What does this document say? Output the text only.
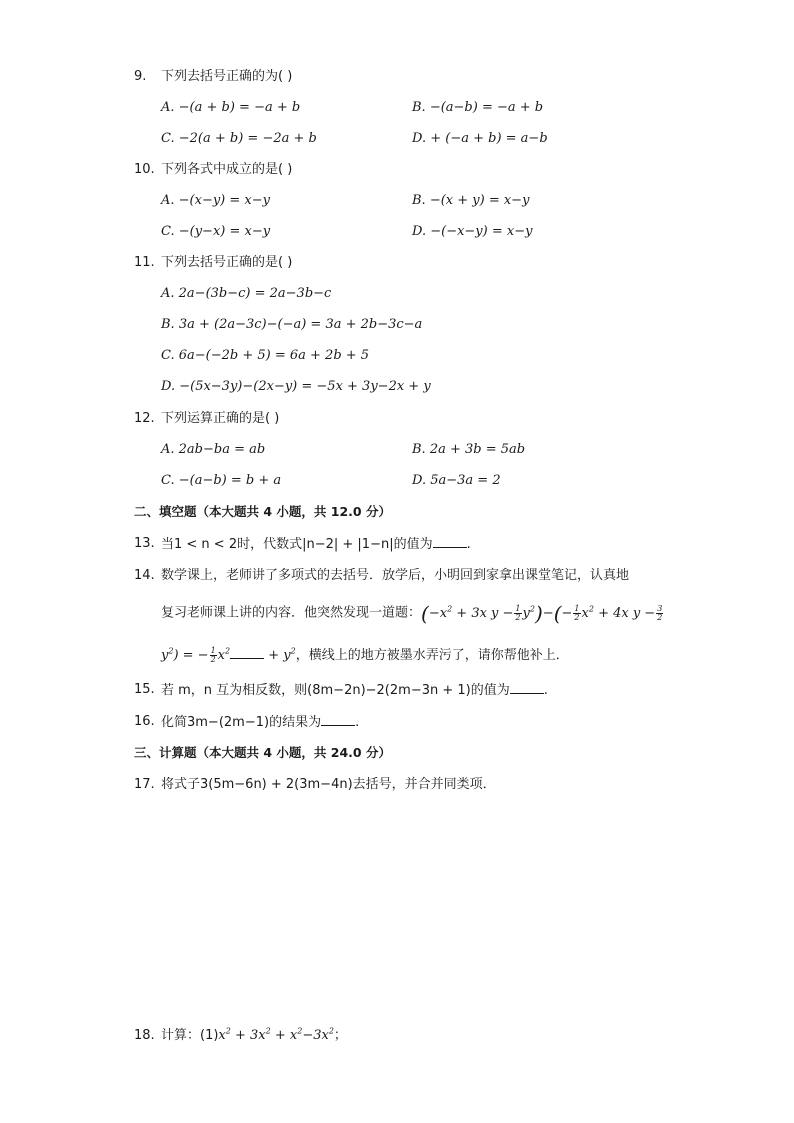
9. 下列去括号正确的为( )
A. −(a + b) = −a + b	B. −(a−b) = −a + b
C. −2(a + b) = −2a + b	D. + (−a + b) = a−b
10. 下列各式中成立的是( )
A. −(x−y) = x−y	B. −(x + y) = x−y
C. −(y−x) = x−y	D. −(−x−y) = x−y
11. 下列去括号正确的是( )
A. 2a−(3b−c) = 2a−3b−c
B. 3a + (2a−3c)−(−a) = 3a + 2b−3c−a
C. 6a−(−2b + 5) = 6a + 2b + 5
D. −(5x−3y)−(2x−y) = −5x + 3y−2x + y
12. 下列运算正确的是( )
A. 2ab−ba = ab	B. 2a + 3b = 5ab
C. −(a−b) = b + a	D. 5a−3a = 2
二、填空题（本大题共 4 小题，共 12.0 分）
13. 当1 < n < 2时，代数式|n−2| + |1−n|的值为	.
14. 数学课上，老师讲了多项式的去括号．放学后，小明回到家拿出课堂笔记，认真地
复习老师课上讲的内容．他突然发现一道题：($-x^2 + 3x$ $y - \frac{1}{2} y^2)-(- \frac{1}{2} x^2 + 4x$ $y - \frac{3}{2}$
$y^2$) = − $\frac{1}{2} x^2$	+ $y^2$，横线上的地方被墨水弄污了，请你帮他补上．
15. 若 m，n 互为相反数，则(8m−2n)−2(2m−3n + 1)的值为	.
16. 化简3m−(2m−1)的结果为	.
三、计算题（本大题共 4 小题，共 24.0 分）
17. 将式子3(5m−6n) + 2(3m−4n)去括号，并合并同类项．
18. 计算：$(1)x^2 + 3x^2 + x^2-3x^2$；
